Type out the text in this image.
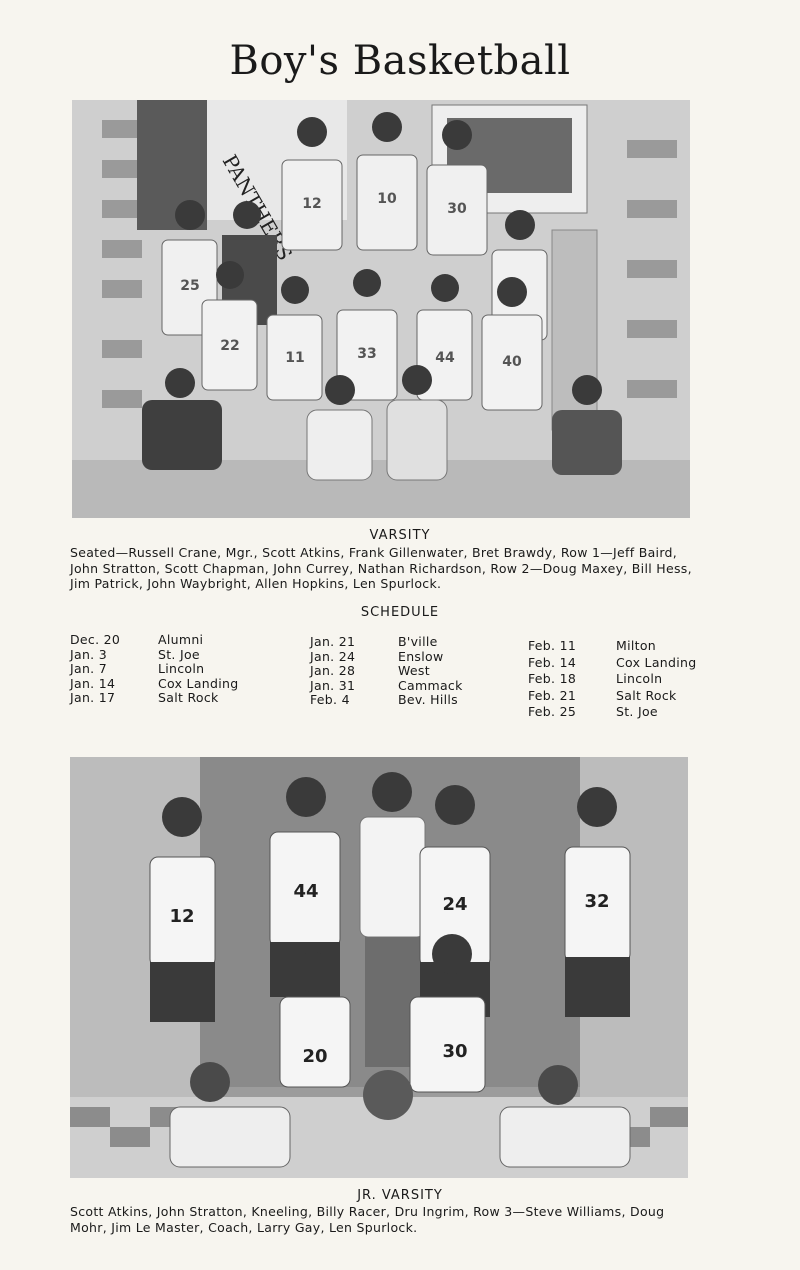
Boy's Basketball
12	10
30
25
22
11	33	44	40
VARSITY
Seated—Russell Crane, Mgr., Scott Atkins, Frank Gillenwater, Bret Brawdy, Row 1—Jeff Baird, John Stratton, Scott Chapman, John Currey, Nathan Richardson, Row 2—Doug Maxey, Bill Hess, Jim Patrick, John Waybright, Allen Hopkins, Len Spurlock.
SCHEDULE
Dec. 20	Alumni
Jan. 3	St. Joe
Jan. 7	Lincoln
Jan. 14	Cox Landing
Jan. 17	Salt Rock
Jan. 21	B'ville
Jan. 24	Enslow
Jan. 28	West
Jan. 31	Cammack
Feb. 4	Bev. Hills
Feb. 11	Milton
Feb. 14	Cox Landing
Feb. 18	Lincoln
Feb. 21	Salt Rock
Feb. 25	St. Joe
12
44
24	32
20	30
JR. VARSITY
Scott Atkins, John Stratton, Kneeling, Billy Racer, Dru Ingrim, Row 3—Steve Williams, Doug Mohr, Jim Le Master, Coach, Larry Gay, Len Spurlock.
